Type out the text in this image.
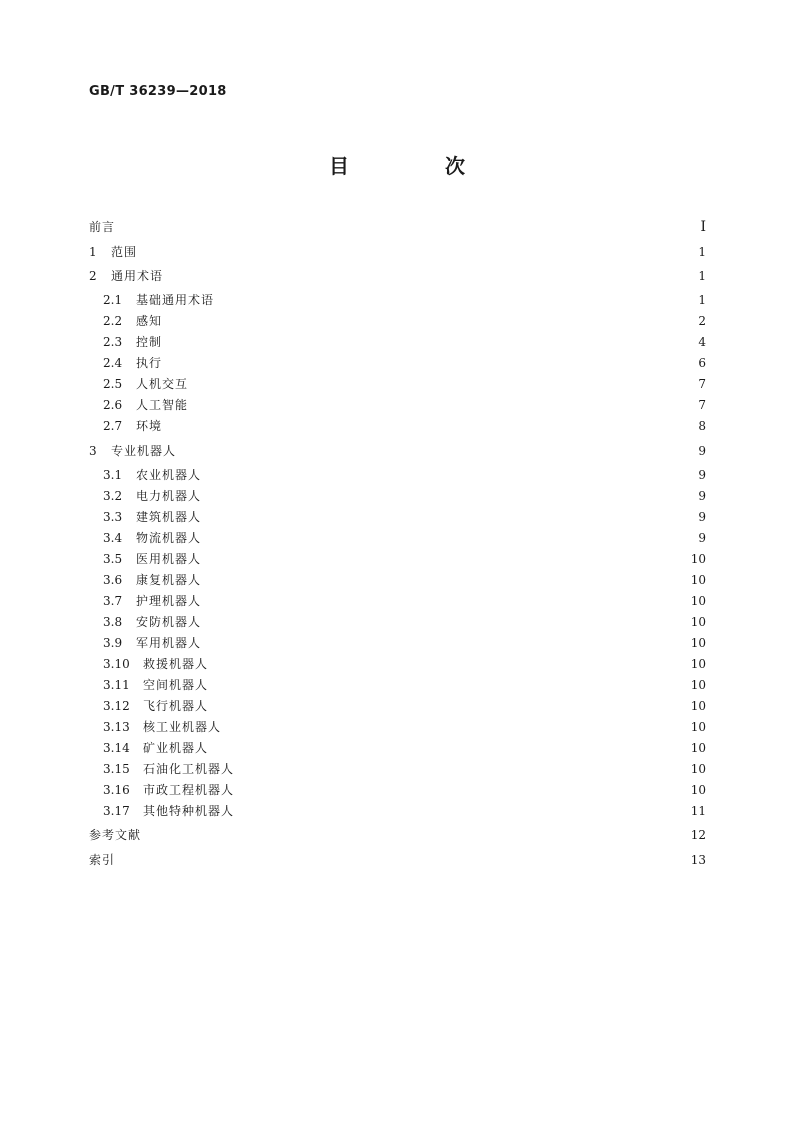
GB/T 36239—2018
目　次
前言	I
1	范围	1
2	通用术语	1
2.1	基础通用术语	1
2.2	感知	2
2.3	控制	4
2.4	执行	6
2.5	人机交互	7
2.6	人工智能	7
2.7	环境	8
3	专业机器人	9
3.1	农业机器人	9
3.2	电力机器人	9
3.3	建筑机器人	9
3.4	物流机器人	9
3.5	医用机器人	10
3.6	康复机器人	10
3.7	护理机器人	10
3.8	安防机器人	10
3.9	军用机器人	10
3.10	救援机器人	10
3.11	空间机器人	10
3.12	飞行机器人	10
3.13	核工业机器人	10
3.14	矿业机器人	10
3.15	石油化工机器人	10
3.16	市政工程机器人	10
3.17	其他特种机器人	11
参考文献	12
索引	13
